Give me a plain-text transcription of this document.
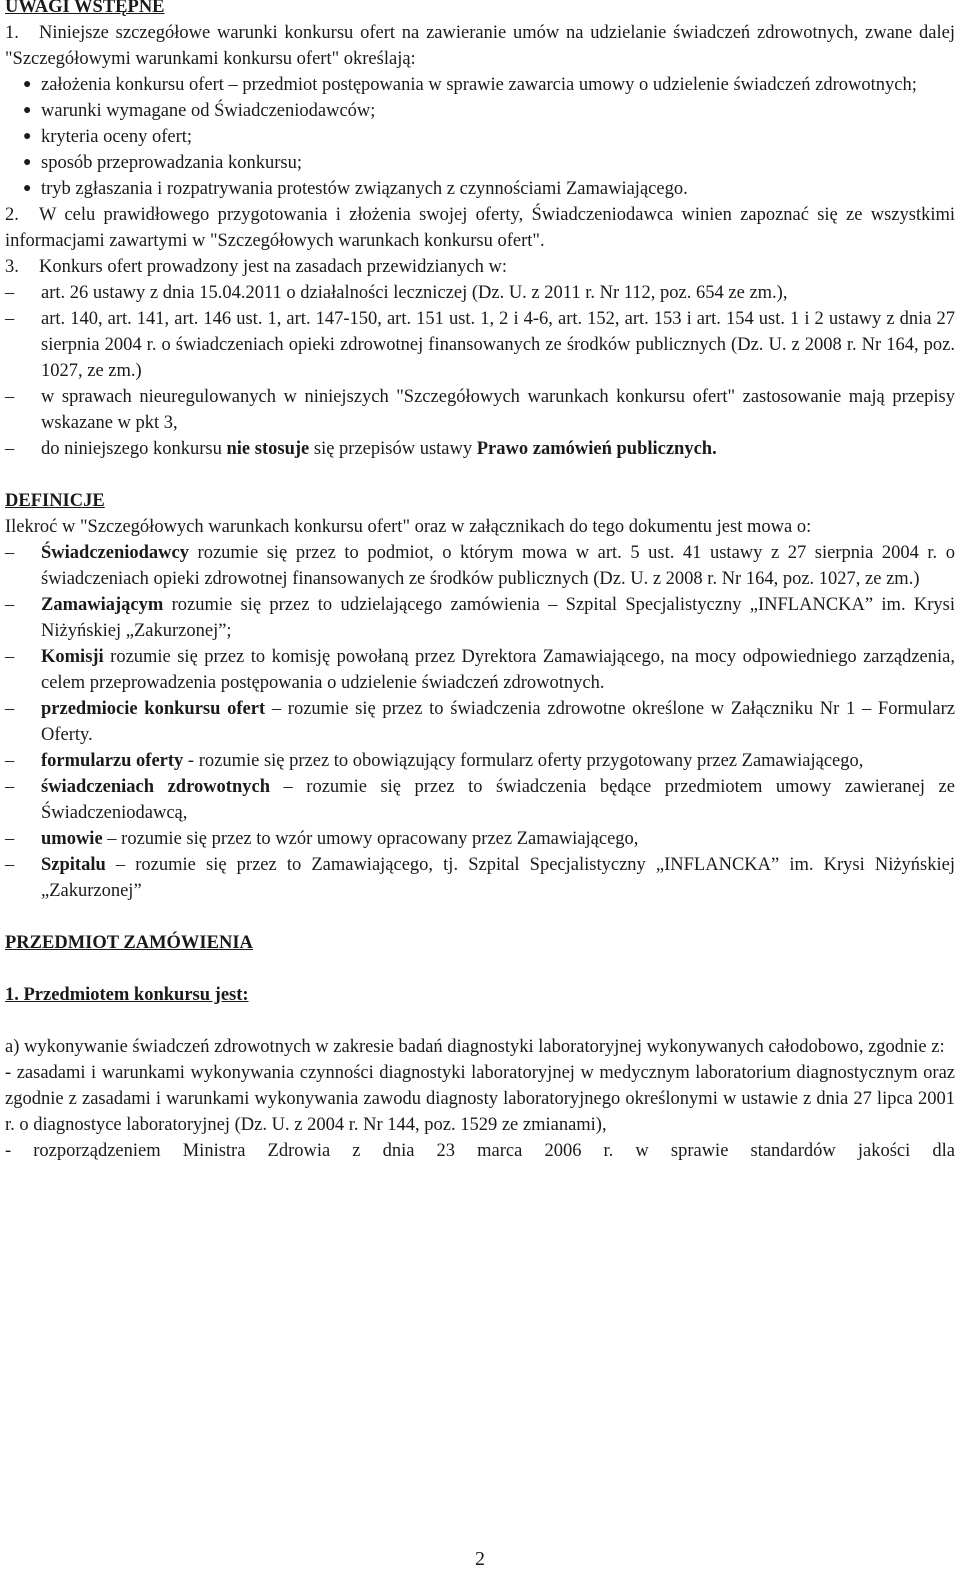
UWAGI WSTĘPNE
1. Niniejsze szczegółowe warunki konkursu ofert na zawieranie umów na udzielanie świadczeń zdrowotnych, zwane dalej "Szczegółowymi warunkami konkursu ofert" określają:
● założenia konkursu ofert – przedmiot postępowania w sprawie zawarcia umowy o udzielenie świadczeń zdrowotnych;
● warunki wymagane od Świadczeniodawców;
● kryteria oceny ofert;
● sposób przeprowadzania konkursu;
● tryb zgłaszania i rozpatrywania protestów związanych z czynnościami Zamawiającego.
2. W celu prawidłowego przygotowania i złożenia swojej oferty, Świadczeniodawca winien zapoznać się ze wszystkimi informacjami zawartymi w "Szczegółowych warunkach konkursu ofert".
3. Konkurs ofert prowadzony jest na zasadach przewidzianych w:
–	art. 26 ustawy z dnia 15.04.2011 o działalności leczniczej (Dz. U. z 2011 r. Nr 112, poz. 654 ze zm.),
–	art. 140, art. 141, art. 146 ust. 1, art. 147-150, art. 151 ust. 1, 2 i 4-6, art. 152, art. 153 i art. 154 ust. 1 i 2 ustawy z dnia 27 sierpnia 2004 r. o świadczeniach opieki zdrowotnej finansowanych ze środków publicznych (Dz. U. z 2008 r. Nr 164, poz. 1027, ze zm.)
–	w sprawach nieuregulowanych w niniejszych "Szczegółowych warunkach konkursu ofert" zastosowanie mają przepisy wskazane w pkt 3,
–	do niniejszego konkursu nie stosuje się przepisów ustawy Prawo zamówień publicznych.
DEFINICJE
Ilekroć w "Szczegółowych warunkach konkursu ofert" oraz w załącznikach do tego dokumentu jest mowa o:
–	Świadczeniodawcy rozumie się przez to podmiot, o którym mowa w art. 5 ust. 41 ustawy z 27 sierpnia 2004 r. o świadczeniach opieki zdrowotnej finansowanych ze środków publicznych (Dz. U. z 2008 r. Nr 164, poz. 1027, ze zm.)
–	Zamawiającym rozumie się przez to udzielającego zamówienia – Szpital Specjalistyczny „INFLANCKA” im. Krysi Niżyńskiej „Zakurzonej”;
–	Komisji rozumie się przez to komisję powołaną przez Dyrektora Zamawiającego, na mocy odpowiedniego zarządzenia, celem przeprowadzenia postępowania o udzielenie świadczeń zdrowotnych.
–	przedmiocie konkursu ofert – rozumie się przez to świadczenia zdrowotne określone w Załączniku Nr 1 – Formularz Oferty.
–	formularzu oferty - rozumie się przez to obowiązujący formularz oferty przygotowany przez Zamawiającego,
–	świadczeniach zdrowotnych – rozumie się przez to świadczenia będące przedmiotem umowy zawieranej ze Świadczeniodawcą,
–	umowie – rozumie się przez to wzór umowy opracowany przez Zamawiającego,
–	Szpitalu – rozumie się przez to Zamawiającego, tj. Szpital Specjalistyczny „INFLANCKA” im. Krysi Niżyńskiej „Zakurzonej”
PRZEDMIOT ZAMÓWIENIA
1. Przedmiotem konkursu jest:
a) wykonywanie świadczeń zdrowotnych w zakresie badań diagnostyki laboratoryjnej wykonywanych całodobowo, zgodnie z:
- zasadami i warunkami wykonywania czynności diagnostyki laboratoryjnej w medycznym laboratorium diagnostycznym oraz zgodnie z zasadami i warunkami wykonywania zawodu diagnosty laboratoryjnego określonymi w ustawie z dnia 27 lipca 2001 r. o diagnostyce laboratoryjnej (Dz. U. z 2004 r. Nr 144, poz. 1529 ze zmianami),
- rozporządzeniem Ministra Zdrowia z dnia 23 marca 2006 r. w sprawie standardów jakości dla
2
